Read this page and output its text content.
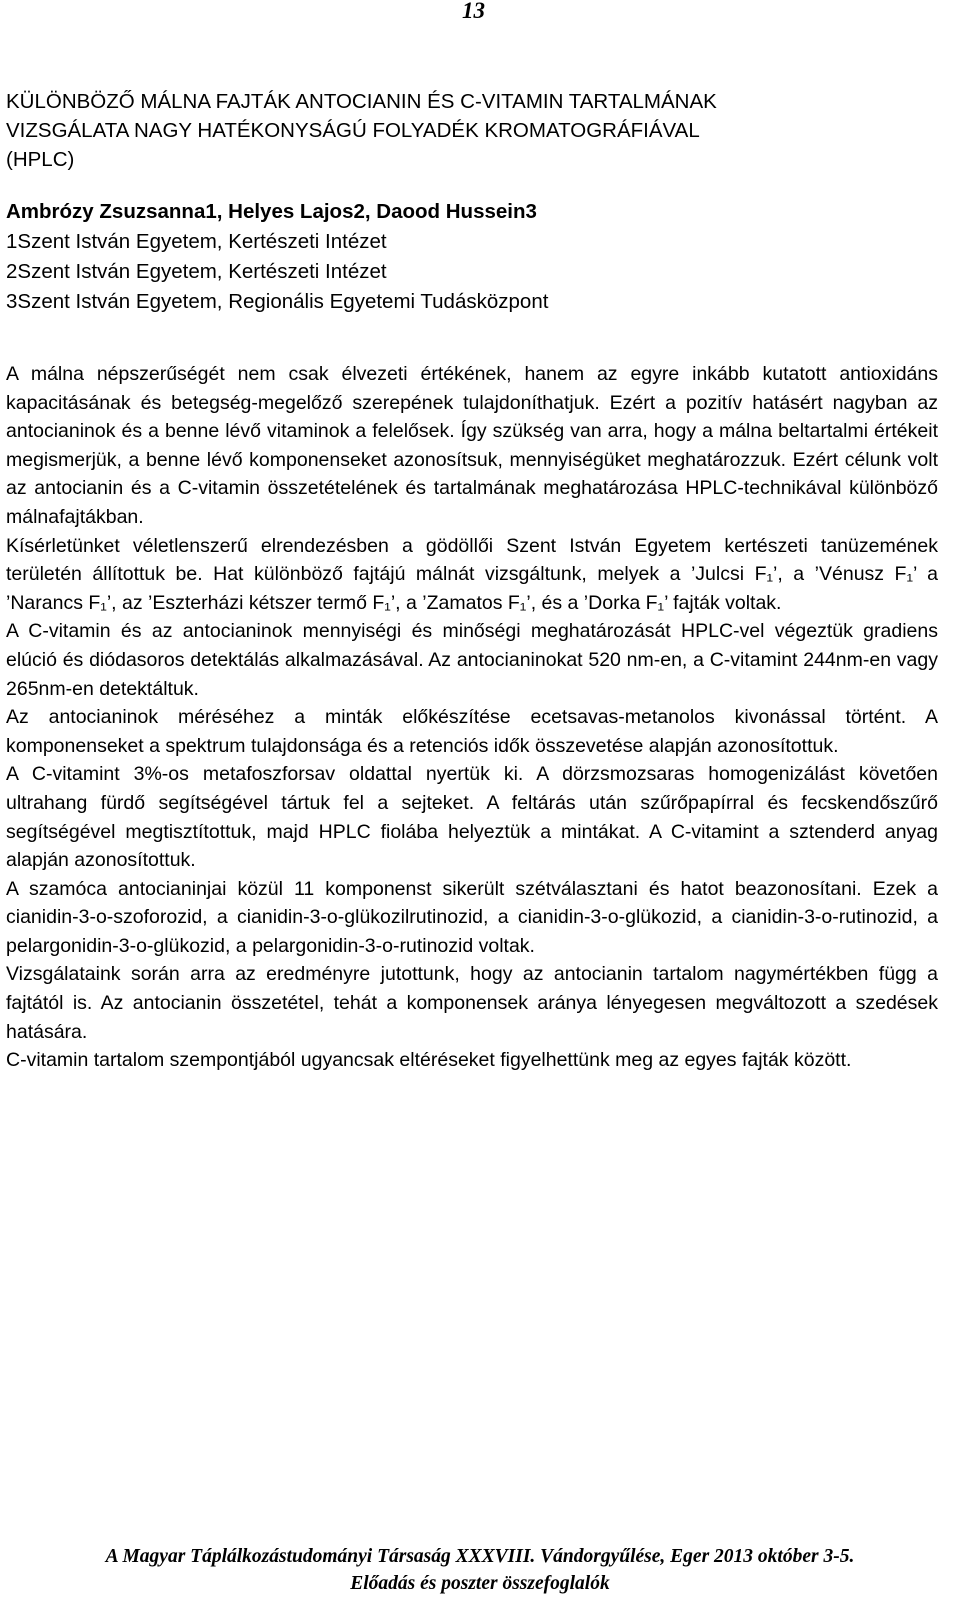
13
KÜLÖNBÖZŐ MÁLNA FAJTÁK ANTOCIANIN ÉS C-VITAMIN TARTALMÁNAK
VIZSGÁLATA NAGY HATÉKONYSÁGÚ FOLYADÉK KROMATOGRÁFIÁVAL
(HPLC)
Ambrózy Zsuzsanna1, Helyes Lajos2, Daood Hussein3
1Szent István Egyetem, Kertészeti Intézet
2Szent István Egyetem, Kertészeti Intézet
3Szent István Egyetem, Regionális Egyetemi Tudásközpont

A málna népszerűségét nem csak élvezeti értékének, hanem az egyre inkább kutatott antioxidáns kapacitásának és betegség-megelőző szerepének tulajdoníthatjuk. Ezért a pozitív hatásért nagyban az antocianinok és a benne lévő vitaminok a felelősek. Így szükség van arra, hogy a málna beltartalmi értékeit megismerjük, a benne lévő komponenseket azonosítsuk, mennyiségüket meghatározzuk. Ezért célunk volt az antocianin és a C-vitamin összetételének és tartalmának meghatározása HPLC-technikával különböző málnafajtákban.

Kísérletünket véletlenszerű elrendezésben a gödöllői Szent István Egyetem kertészeti tanüzemének területén állítottuk be. Hat különböző fajtájú málnát vizsgáltunk, melyek a ’Julcsi F₁’, a ’Vénusz F₁’ a ’Narancs F₁’, az ’Eszterházi kétszer termő F₁’, a ’Zamatos F₁’, és a ’Dorka F₁’ fajták voltak.

A C-vitamin és az antocianinok mennyiségi és minőségi meghatározását HPLC-vel végeztük gradiens elúció és diódasoros detektálás alkalmazásával. Az antocianinokat 520 nm-en, a C-vitamint 244nm-en vagy 265nm-en detektáltuk.

Az antocianinok méréséhez a minták előkészítése ecetsavas-metanolos kivonással történt. A komponenseket a spektrum tulajdonsága és a retenciós idők összevetése alapján azonosítottuk.

A C-vitamint 3%-os metafoszforsav oldattal nyertük ki. A dörzsmozsaras homogenizálást követően ultrahang fürdő segítségével tártuk fel a sejteket. A feltárás után szűrőpapírral és fecskendőszűrő segítségével megtisztítottuk, majd HPLC fiolába helyeztük a mintákat. A C-vitamint a sztenderd anyag alapján azonosítottuk.

A szamóca antocianinjai közül 11 komponenst sikerült szétválasztani és hatot beazonosítani. Ezek a cianidin-3-o-szoforozid, a cianidin-3-o-glükozilrutinozid, a cianidin-3-o-glükozid, a cianidin-3-o-rutinozid, a pelargonidin-3-o-glükozid, a pelargonidin-3-o-rutinozid voltak.

Vizsgálataink során arra az eredményre jutottunk, hogy az antocianin tartalom nagymértékben függ a fajtától is. Az antocianin összetétel, tehát a komponensek aránya lényegesen megváltozott a szedések hatására.

C-vitamin tartalom szempontjából ugyancsak eltéréseket figyelhettünk meg az egyes fajták között.

A Magyar Táplálkozástudományi Társaság XXXVIII. Vándorgyűlése, Eger 2013 október 3-5.
Előadás és poszter összefoglalók
